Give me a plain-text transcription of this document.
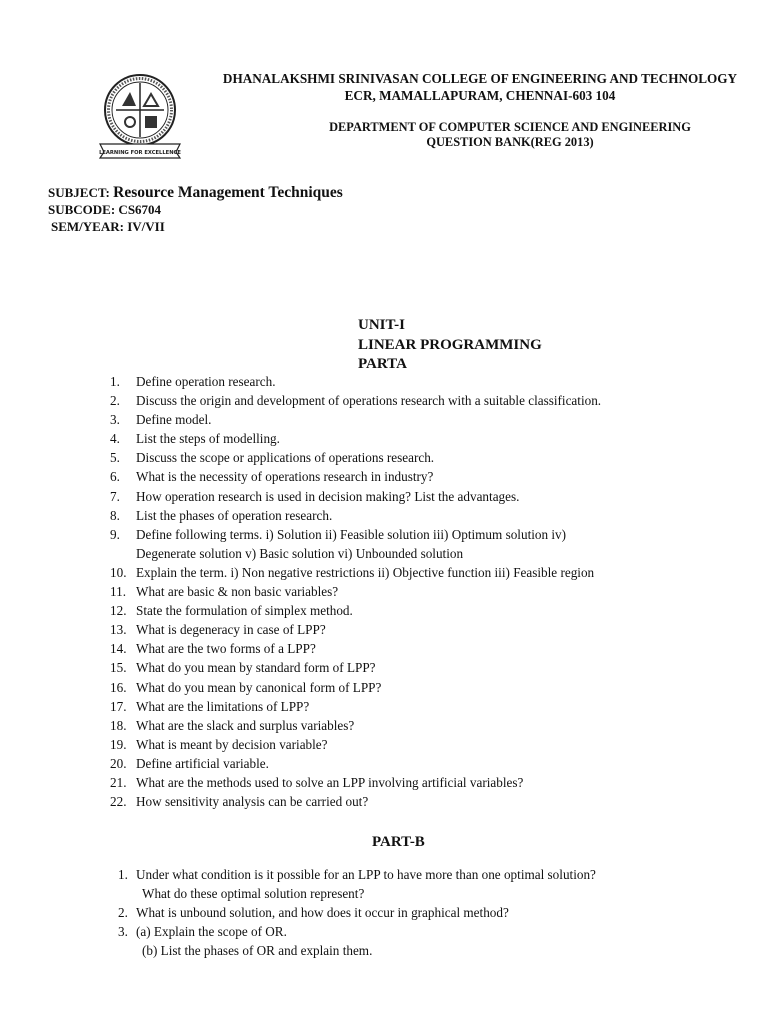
LEARNING FOR EXCELLENCE
DHANALAKSHMI SRINIVASAN COLLEGE OF ENGINEERING AND TECHNOLOGY
ECR, MAMALLAPURAM, CHENNAI-603 104
DEPARTMENT OF COMPUTER SCIENCE AND ENGINEERING
QUESTION BANK(REG 2013)
SUBJECT: Resource Management Techniques
SUBCODE: CS6704
SEM/YEAR: IV/VII
UNIT-I
LINEAR PROGRAMMING
PARTA
1.	Define operation research.
2.	Discuss the origin and development of operations research with a suitable classification.
3.	Define model.
4.	List the steps of modelling.
5.	Discuss the scope or applications of operations research.
6.	What is the necessity of operations research in industry?
7.	How operation research is used in decision making? List the advantages.
8.	List the phases of operation research.
9.	Define following terms. i) Solution ii) Feasible solution iii) Optimum solution iv)
Degenerate solution v) Basic solution vi) Unbounded solution
10. Explain the term. i) Non negative restrictions ii) Objective function iii) Feasible region
11. What are basic & non basic variables?
12. State the formulation of simplex method.
13. What is degeneracy in case of LPP?
14. What are the two forms of a LPP?
15. What do you mean by standard form of LPP?
16. What do you mean by canonical form of LPP?
17. What are the limitations of LPP?
18. What are the slack and surplus variables?
19. What is meant by decision variable?
20. Define artificial variable.
21. What are the methods used to solve an LPP involving artificial variables?
22. How sensitivity analysis can be carried out?
PART-B
1. Under what condition is it possible for an LPP to have more than one optimal solution?
What do these optimal solution represent?
2. What is unbound solution, and how does it occur in graphical method?
3. (a) Explain the scope of OR.
(b) List the phases of OR and explain them.
